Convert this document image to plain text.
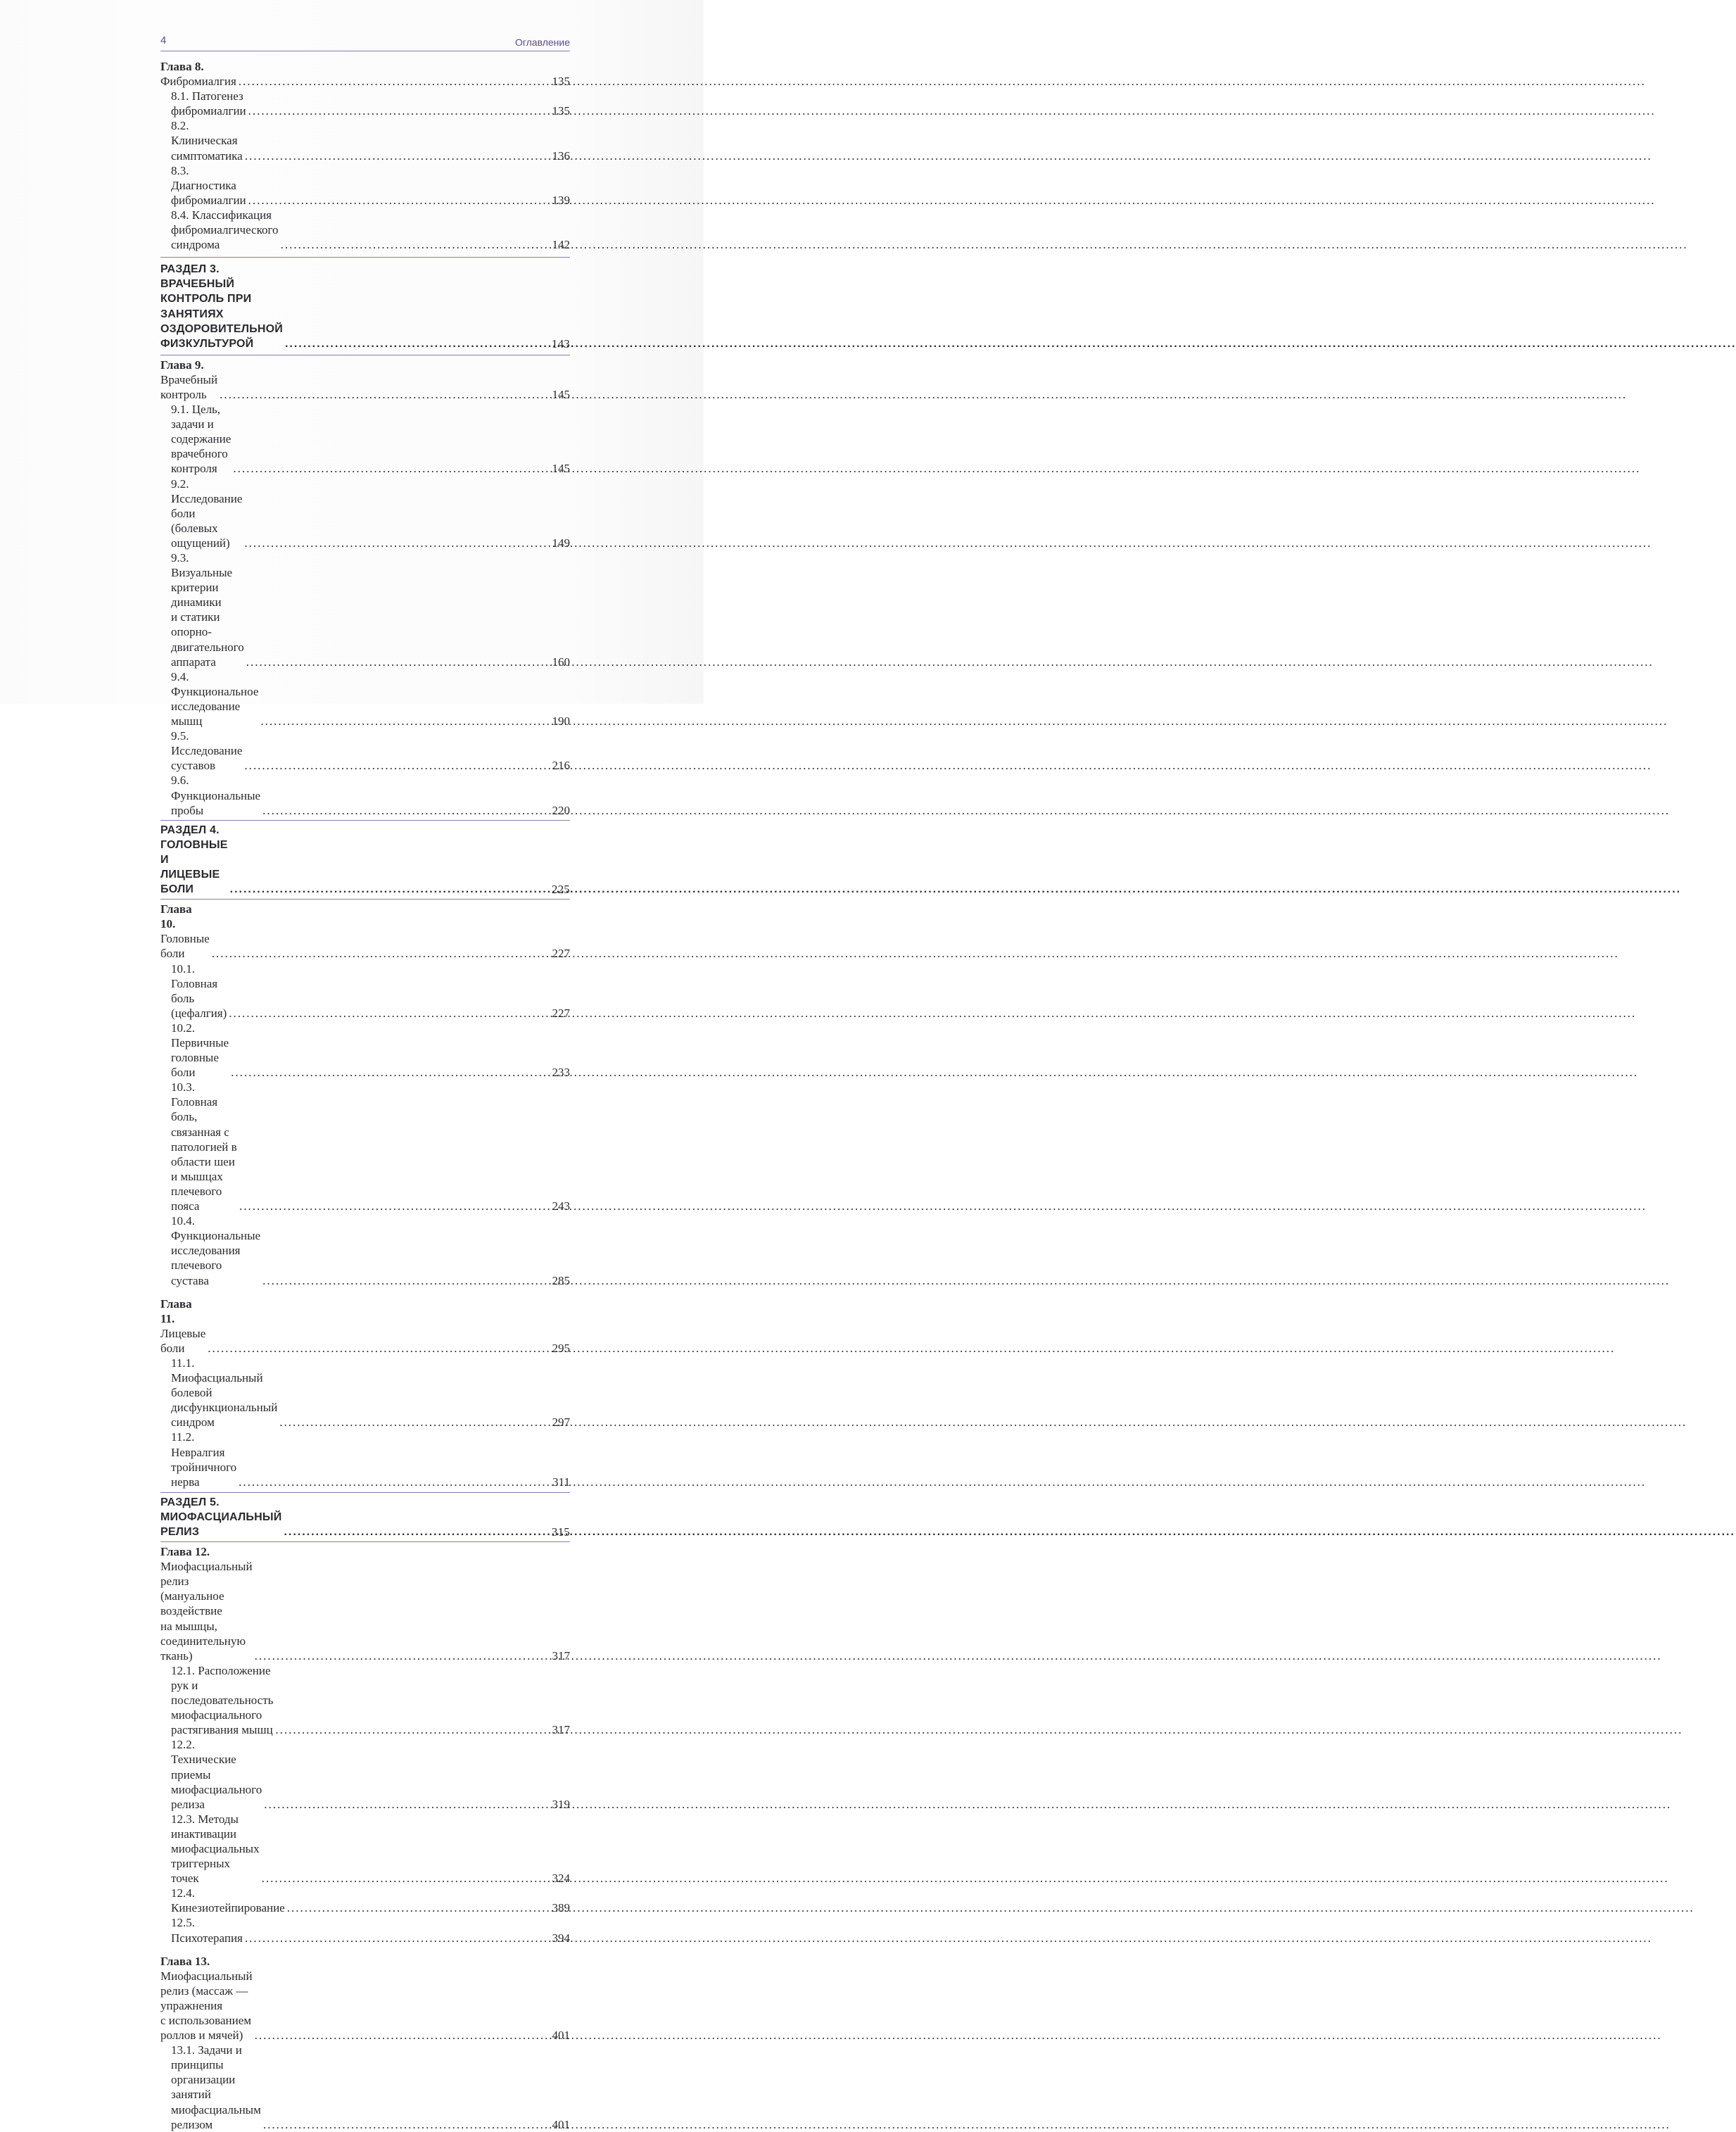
4	Оглавление
Глава 8. Фибромиалгия .....	135
8.1. Патогенез фибромиалгии .....	135
8.2. Клиническая симптоматика .....	136
8.3. Диагностика фибромиалгии .....	139
8.4. Классификация фибромиалгического синдрома .....	142
РАЗДЕЛ 3. ВРАЧЕБНЫЙ КОНТРОЛЬ ПРИ ЗАНЯТИЯХ
ОЗДОРОВИТЕЛЬНОЙ ФИЗКУЛЬТУРОЙ .....	143
Глава 9. Врачебный контроль .....	145
9.1. Цель, задачи и содержание врачебного контроля .....	145
9.2. Исследование боли (болевых ощущений) .....	149
9.3. Визуальные критерии динамики
и статики опорно-двигательного аппарата .....	160
9.4. Функциональное исследование мышц .....	190
9.5. Исследование суставов .....	216
9.6. Функциональные пробы .....	220
РАЗДЕЛ 4. ГОЛОВНЫЕ И ЛИЦЕВЫЕ БОЛИ .....	225
Глава 10. Головные боли .....	227
10.1. Головная боль (цефалгия) .....	227
10.2. Первичные головные боли .....	233
10.3. Головная боль, связанная с патологией в области шеи
и мышцах плечевого пояса .....	243
10.4. Функциональные исследования плечевого сустава .....	285
Глава 11. Лицевые боли .....	295
11.1. Миофасциальный болевой дисфункциональный синдром .....	297
11.2. Невралгия тройничного нерва .....	311
РАЗДЕЛ 5. МИОФАСЦИАЛЬНЫЙ РЕЛИЗ .....	315
Глава 12. Миофасциальный релиз (мануальное воздействие
на мышцы, соединительную ткань) .....	317
12.1. Расположение рук и последовательность миофасциального
растягивания мышц .....	317
12.2. Технические приемы миофасциального релиза .....	319
12.3. Методы инактивации миофасциальных
триггерных точек .....	324
12.4. Кинезиотейпирование .....	389
12.5. Психотерапия .....	394
Глава 13. Миофасциальный релиз (массаж — упражнения
с использованием роллов и мячей) .....	401
13.1. Задачи и принципы организации занятий
миофасциальным релизом .....	401
